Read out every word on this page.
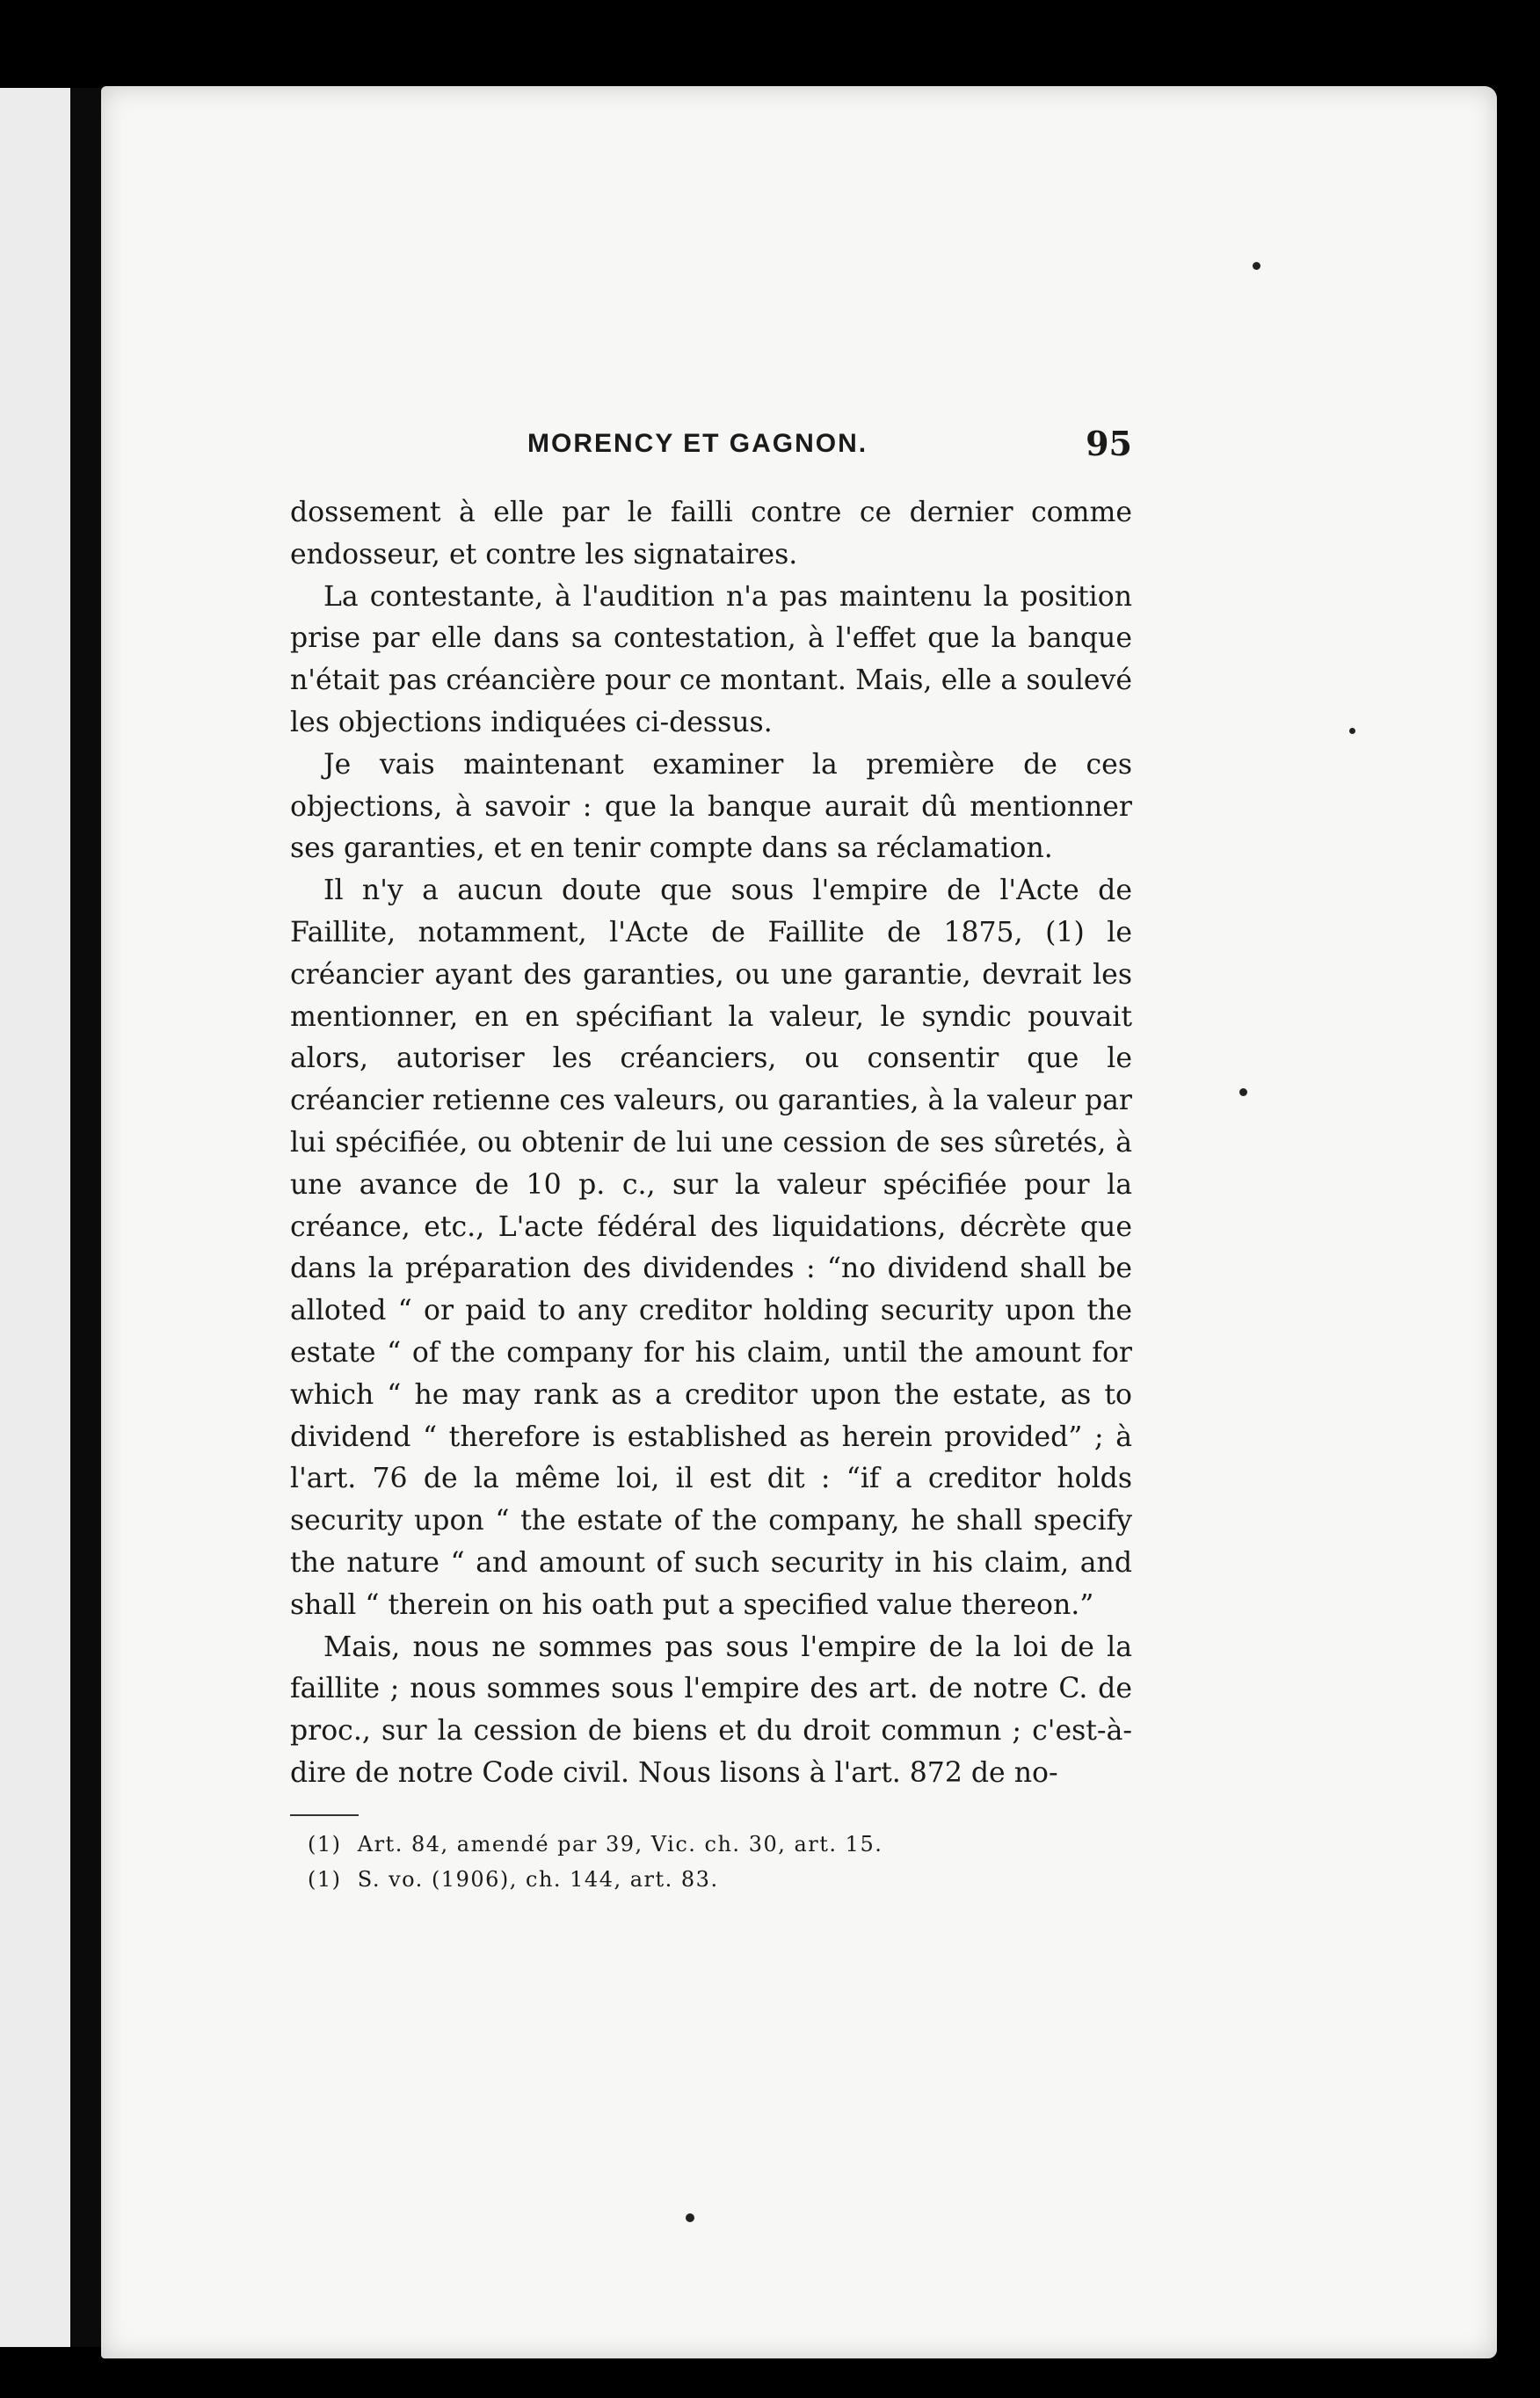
MORENCY ET GAGNON.	95

dossement à elle par le failli contre ce dernier comme endosseur, et contre les signataires.

La contestante, à l'audition n'a pas maintenu la position prise par elle dans sa contestation, à l'effet que la banque n'était pas créancière pour ce montant. Mais, elle a soulevé les objections indiquées ci-dessus.

Je vais maintenant examiner la première de ces objections, à savoir : que la banque aurait dû mentionner ses garanties, et en tenir compte dans sa réclamation.

Il n'y a aucun doute que sous l'empire de l'Acte de Faillite, notamment, l'Acte de Faillite de 1875, (1) le créancier ayant des garanties, ou une garantie, devrait les mentionner, en en spécifiant la valeur, le syndic pouvait alors, autoriser les créanciers, ou consentir que le créancier retienne ces valeurs, ou garanties, à la valeur par lui spécifiée, ou obtenir de lui une cession de ses sûretés, à une avance de 10 p. c., sur la valeur spécifiée pour la créance, etc., L'acte fédéral des liquidations, décrète que dans la préparation des dividendes : “no dividend shall be alloted “ or paid to any creditor holding security upon the estate “ of the company for his claim, until the amount for which “ he may rank as a creditor upon the estate, as to dividend “ therefore is established as herein provided” ; à l'art. 76 de la même loi, il est dit : “if a creditor holds security upon “ the estate of the company, he shall specify the nature “ and amount of such security in his claim, and shall “ therein on his oath put a specified value thereon.”

Mais, nous ne sommes pas sous l'empire de la loi de la faillite ; nous sommes sous l'empire des art. de notre C. de proc., sur la cession de biens et du droit commun ; c'est-à-dire de notre Code civil. Nous lisons à l'art. 872 de no-

(1)  Art. 84, amendé par 39, Vic. ch. 30, art. 15.

(1)  S. vo. (1906), ch. 144, art. 83.
